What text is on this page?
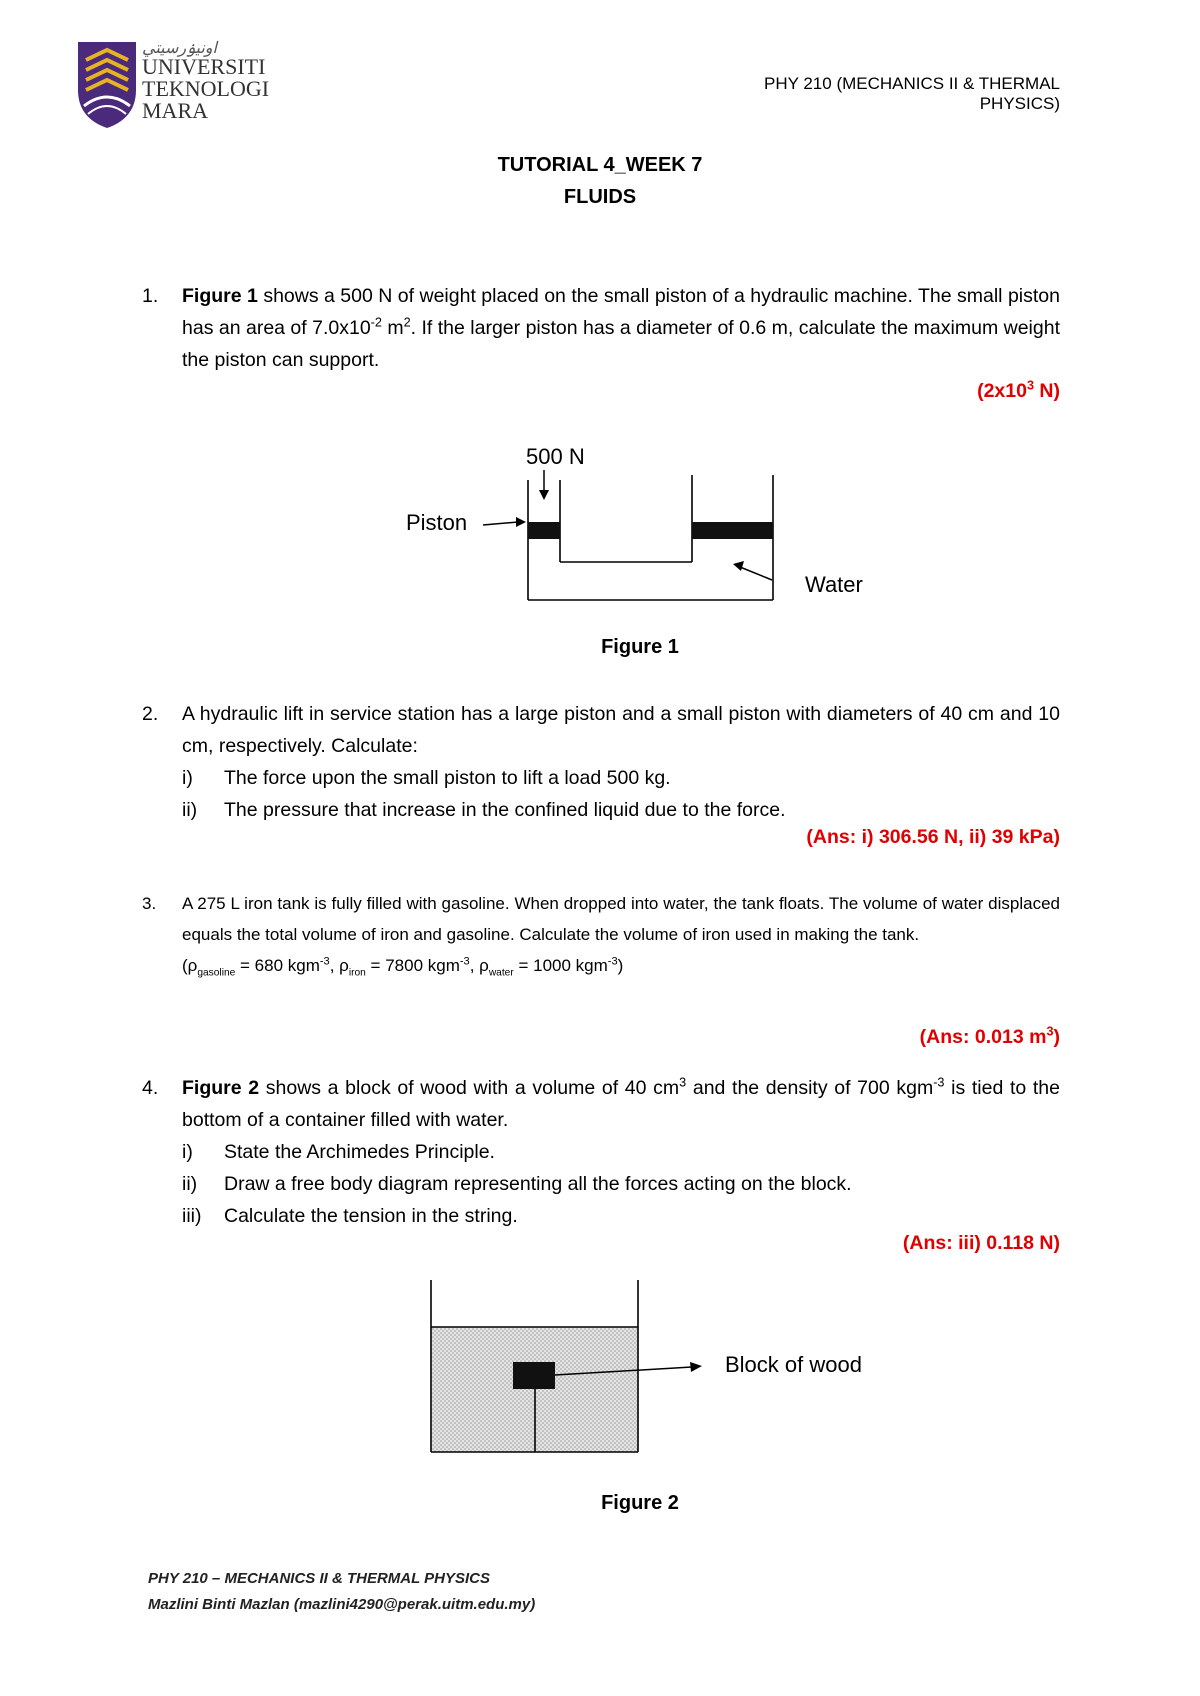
اونيۏرسيتي
UNIVERSITI
TEKNOLOGI
MARA
PHY 210 (MECHANICS II & THERMAL PHYSICS)
TUTORIAL 4_WEEK 7
FLUIDS
1. Figure 1 shows a 500 N of weight placed on the small piston of a hydraulic machine. The small piston has an area of $7.0x10^{-2}$ $m^2$. If the larger piston has a diameter of 0.6 m, calculate the maximum weight the piston can support.
($2x10^3$ N)
500 N
Piston
Water
Figure 1
2. A hydraulic lift in service station has a large piston and a small piston with diameters of 40 cm and 10 cm, respectively. Calculate:
i) The force upon the small piston to lift a load 500 kg.
ii) The pressure that increase in the confined liquid due to the force.
(Ans: i) 306.56 N, ii) 39 kPa)
3. A 275 L iron tank is fully filled with gasoline. When dropped into water, the tank floats. The volume of water displaced equals the total volume of iron and gasoline. Calculate the volume of iron used in making the tank.
($\rho_{gasoline} = 680$ kgm$^{-3}$, $\rho_{iron} = 7800$ kgm$^{-3}$, $\rho_{water} = 1000$ kgm$^{-3}$)
(Ans: 0.013 $m^3$)
4. Figure 2 shows a block of wood with a volume of 40 $cm^3$ and the density of 700 kgm$^{-3}$ is tied to the bottom of a container filled with water.
i) State the Archimedes Principle.
ii) Draw a free body diagram representing all the forces acting on the block.
iii) Calculate the tension in the string.
(Ans: iii) 0.118 N)
Block of wood
Figure 2
PHY 210 – MECHANICS II & THERMAL PHYSICS
Mazlini Binti Mazlan (mazlini4290@perak.uitm.edu.my)
